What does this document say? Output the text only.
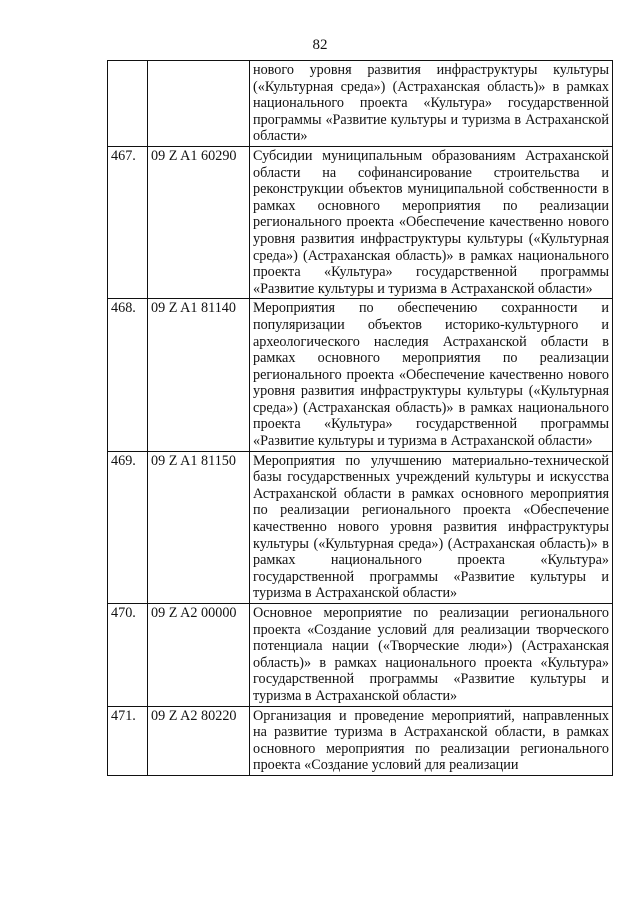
82
		нового уровня развития инфраструктуры культуры («Культурная среда») (Астраханская область)» в рамках национального проекта «Культура» государственной программы «Развитие культуры и туризма в Астраханской области»
467.	09 Z A1 60290	Субсидии муниципальным образованиям Астраханской области на софинансирование строительства и реконструкции объектов муниципальной собственности в рамках основного мероприятия по реализации регионального проекта «Обеспечение качественно нового уровня развития инфраструктуры культуры («Культурная среда») (Астраханская область)» в рамках национального проекта «Культура» государственной программы «Развитие культуры и туризма в Астраханской области»
468.	09 Z A1 81140	Мероприятия по обеспечению сохранности и популяризации объектов историко-культурного и археологического наследия Астраханской области в рамках основного мероприятия по реализации регионального проекта «Обеспечение качественно нового уровня развития инфраструктуры культуры («Культурная среда») (Астраханская область)» в рамках национального проекта «Культура» государственной программы «Развитие культуры и туризма в Астраханской области»
469.	09 Z A1 81150	Мероприятия по улучшению материально-технической базы государственных учреждений культуры и искусства Астраханской области в рамках основного мероприятия по реализации регионального проекта «Обеспечение качественно нового уровня развития инфраструктуры культуры («Культурная среда») (Астраханская область)» в рамках национального проекта «Культура» государственной программы «Развитие культуры и туризма в Астраханской области»
470.	09 Z A2 00000	Основное мероприятие по реализации регионального проекта «Создание условий для реализации творческого потенциала нации («Творческие люди») (Астраханская область)» в рамках национального проекта «Культура» государственной программы «Развитие культуры и туризма в Астраханской области»
471.	09 Z A2 80220	Организация и проведение мероприятий, направленных на развитие туризма в Астраханской области, в рамках основного мероприятия по реализации регионального проекта «Создание условий для реализации
